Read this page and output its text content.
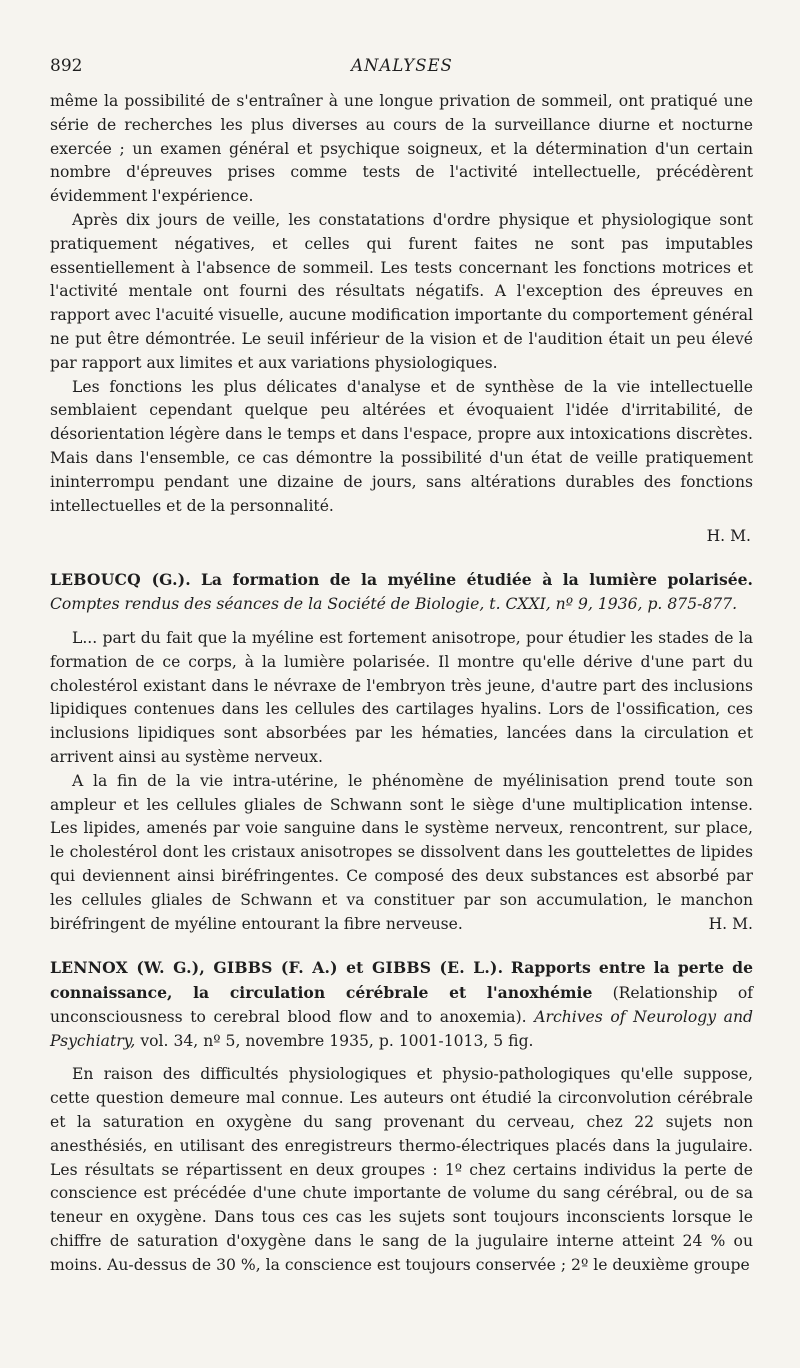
892	ANALYSES

même la possibilité de s'entraîner à une longue privation de sommeil, ont pratiqué une série de recherches les plus diverses au cours de la surveillance diurne et nocturne exercée ; un examen général et psychique soigneux, et la détermination d'un certain nombre d'épreuves prises comme tests de l'activité intellectuelle, précédèrent évidemment l'expérience.

Après dix jours de veille, les constatations d'ordre physique et physiologique sont pratiquement négatives, et celles qui furent faites ne sont pas imputables essentiellement à l'absence de sommeil. Les tests concernant les fonctions motrices et l'activité mentale ont fourni des résultats négatifs. A l'exception des épreuves en rapport avec l'acuité visuelle, aucune modification importante du comportement général ne put être démontrée. Le seuil inférieur de la vision et de l'audition était un peu élevé par rapport aux limites et aux variations physiologiques.

Les fonctions les plus délicates d'analyse et de synthèse de la vie intellectuelle semblaient cependant quelque peu altérées et évoquaient l'idée d'irritabilité, de désorientation légère dans le temps et dans l'espace, propre aux intoxications discrètes. Mais dans l'ensemble, ce cas démontre la possibilité d'un état de veille pratiquement ininterrompu pendant une dizaine de jours, sans altérations durables des fonctions intellectuelles et de la personnalité.

H. M.

LEBOUCQ (G.). La formation de la myéline étudiée à la lumière polarisée. Comptes rendus des séances de la Société de Biologie, t. CXXI, nº 9, 1936, p. 875-877.

L... part du fait que la myéline est fortement anisotrope, pour étudier les stades de la formation de ce corps, à la lumière polarisée. Il montre qu'elle dérive d'une part du cholestérol existant dans le névraxe de l'embryon très jeune, d'autre part des inclusions lipidiques contenues dans les cellules des cartilages hyalins. Lors de l'ossification, ces inclusions lipidiques sont absorbées par les hématies, lancées dans la circulation et arrivent ainsi au système nerveux.

A la fin de la vie intra-utérine, le phénomène de myélinisation prend toute son ampleur et les cellules gliales de Schwann sont le siège d'une multiplication intense. Les lipides, amenés par voie sanguine dans le système nerveux, rencontrent, sur place, le cholestérol dont les cristaux anisotropes se dissolvent dans les gouttelettes de lipides qui deviennent ainsi biréfringentes. Ce composé des deux substances est absorbé par les cellules gliales de Schwann et va constituer par son accumulation, le manchon biréfringent de myéline entourant la fibre nerveuse.	H. M.

LENNOX (W. G.), GIBBS (F. A.) et GIBBS (E. L.). Rapports entre la perte de connaissance, la circulation cérébrale et l'anoxhémie (Relationship of unconsciousness to cerebral blood flow and to anoxemia). Archives of Neurology and Psychiatry, vol. 34, nº 5, novembre 1935, p. 1001-1013, 5 fig.

En raison des difficultés physiologiques et physio-pathologiques qu'elle suppose, cette question demeure mal connue. Les auteurs ont étudié la circonvolution cérébrale et la saturation en oxygène du sang provenant du cerveau, chez 22 sujets non anesthésiés, en utilisant des enregistreurs thermo-électriques placés dans la jugulaire. Les résultats se répartissent en deux groupes : 1º chez certains individus la perte de conscience est précédée d'une chute importante de volume du sang cérébral, ou de sa teneur en oxygène. Dans tous ces cas les sujets sont toujours inconscients lorsque le chiffre de saturation d'oxygène dans le sang de la jugulaire interne atteint 24 % ou moins. Au-dessus de 30 %, la conscience est toujours conservée ; 2º le deuxième groupe
